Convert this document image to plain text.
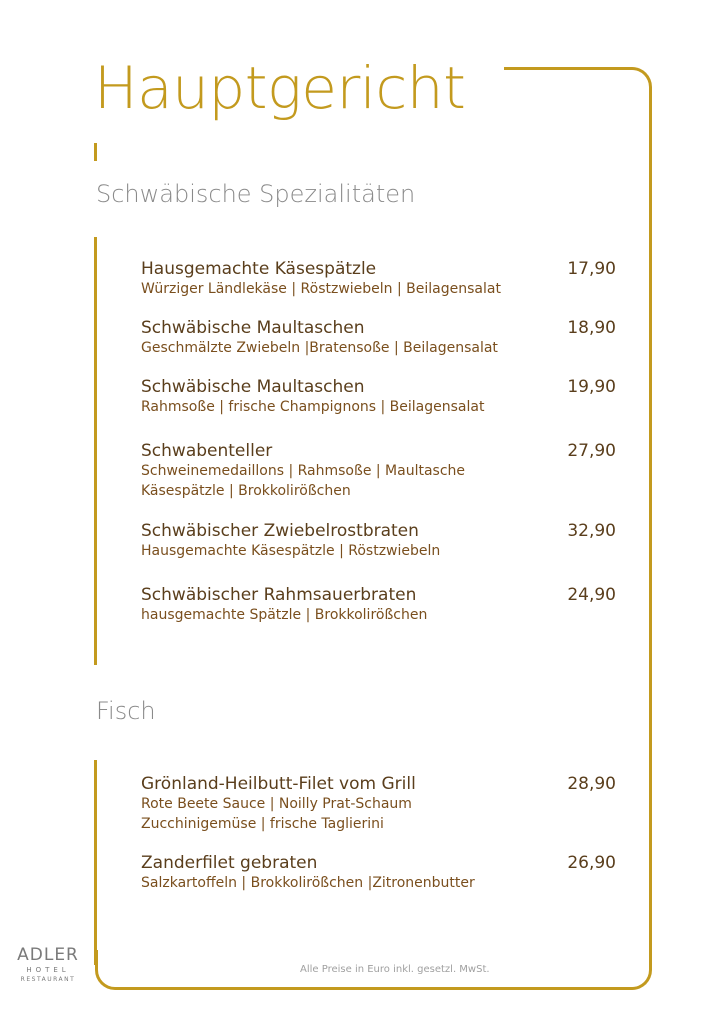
Hauptgericht
Schwäbische Spezialitäten
Hausgemachte Käsespätzle
Würziger Ländlekäse | Röstzwiebeln | Beilagensalat
17,90
Schwäbische Maultaschen
Geschmälzte Zwiebeln |Bratensoße | Beilagensalat
18,90
Schwäbische Maultaschen
Rahmsoße | frische Champignons | Beilagensalat
19,90
Schwabenteller
Schweinemedaillons | Rahmsoße | Maultasche
Käsespätzle | Brokkolirößchen
27,90
Schwäbischer Zwiebelrostbraten
Hausgemachte Käsespätzle | Röstzwiebeln
32,90
Schwäbischer Rahmsauerbraten
hausgemachte Spätzle | Brokkolirößchen
24,90
Fisch
Grönland-Heilbutt-Filet vom Grill
Rote Beete Sauce | Noilly Prat-Schaum
Zucchinigemüse | frische Taglierini
28,90
Zanderfilet gebraten
Salzkartoffeln | Brokkolirößchen |Zitronenbutter
26,90
Alle Preise in Euro inkl. gesetzl. MwSt.
ADLER
HOTEL
RESTAURANT
